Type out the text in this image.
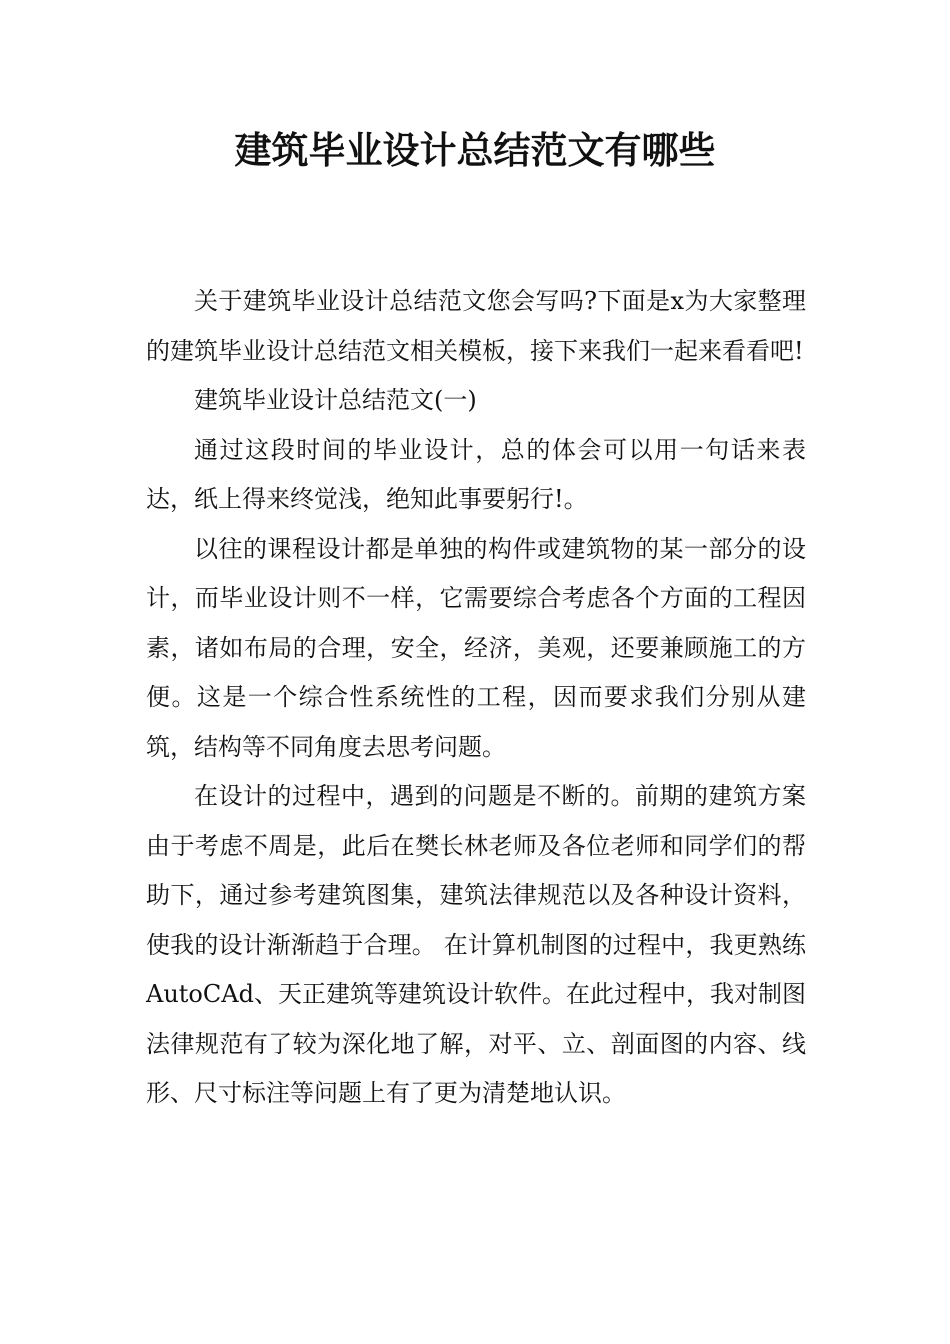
建筑毕业设计总结范文有哪些

关于建筑毕业设计总结范文您会写吗?下面是x为大家整理的建筑毕业设计总结范文相关模板，接下来我们一起来看看吧!

建筑毕业设计总结范文(一)

通过这段时间的毕业设计，总的体会可以用一句话来表达，纸上得来终觉浅，绝知此事要躬行!。

以往的课程设计都是单独的构件或建筑物的某一部分的设计，而毕业设计则不一样，它需要综合考虑各个方面的工程因素，诸如布局的合理，安全，经济，美观，还要兼顾施工的方便。这是一个综合性系统性的工程，因而要求我们分别从建筑，结构等不同角度去思考问题。

在设计的过程中，遇到的问题是不断的。前期的建筑方案由于考虑不周是，此后在樊长林老师及各位老师和同学们的帮助下，通过参考建筑图集，建筑法律规范以及各种设计资料，使我的设计渐渐趋于合理。 在计算机制图的过程中，我更熟练AutoCAd、天正建筑等建筑设计软件。在此过程中，我对制图法律规范有了较为深化地了解，对平、立、剖面图的内容、线形、尺寸标注等问题上有了更为清楚地认识。
